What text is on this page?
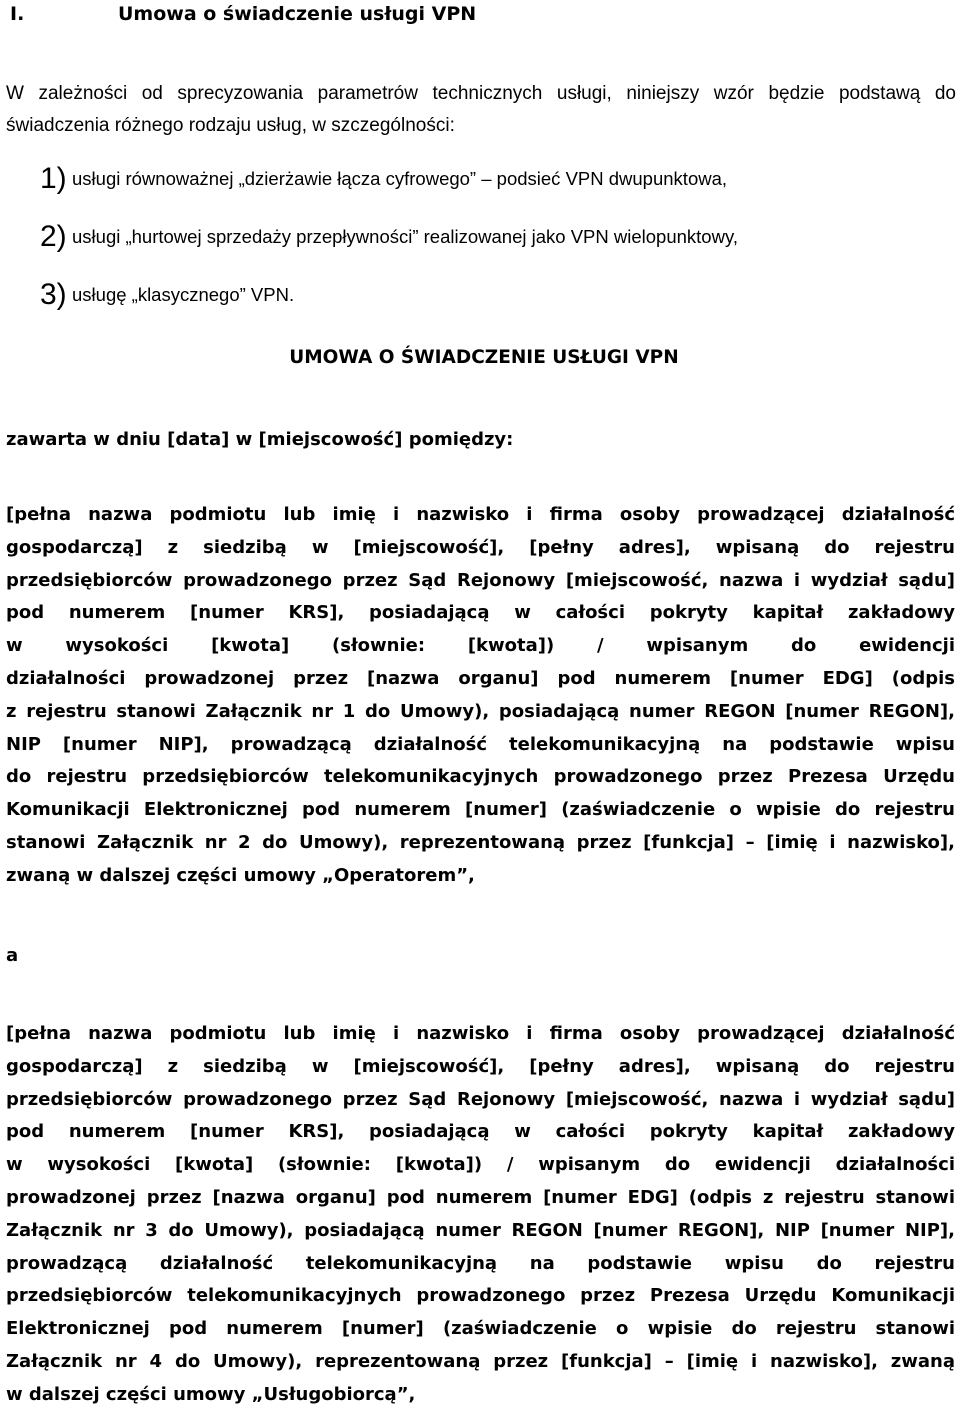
I.	Umowa o świadczenie usługi VPN
W zależności od sprecyzowania parametrów technicznych usługi, niniejszy wzór będzie podstawą do świadczenia różnego rodzaju usług, w szczególności:
1) usługi równoważnej „dzierżawie łącza cyfrowego” – podsieć VPN dwupunktowa,
2) usługi „hurtowej sprzedaży przepływności” realizowanej jako VPN wielopunktowy,
3) usługę „klasycznego” VPN.
UMOWA O ŚWIADCZENIE USŁUGI VPN
zawarta w dniu [data] w [miejscowość] pomiędzy:
[pełna nazwa podmiotu lub imię i nazwisko i firma osoby prowadzącej działalność
gospodarczą] z siedzibą w [miejscowość], [pełny adres], wpisaną do rejestru
przedsiębiorców prowadzonego przez Sąd Rejonowy [miejscowość, nazwa i wydział sądu]
pod numerem [numer KRS], posiadającą w całości pokryty kapitał zakładowy
w wysokości [kwota] (słownie: [kwota]) / wpisanym do ewidencji
działalności prowadzonej przez [nazwa organu] pod numerem [numer EDG] (odpis
z rejestru stanowi Załącznik nr 1 do Umowy), posiadającą numer REGON [numer REGON],
NIP [numer NIP], prowadzącą działalność telekomunikacyjną na podstawie wpisu
do rejestru przedsiębiorców telekomunikacyjnych prowadzonego przez Prezesa Urzędu
Komunikacji Elektronicznej pod numerem [numer] (zaświadczenie o wpisie do rejestru
stanowi Załącznik nr 2 do Umowy), reprezentowaną przez [funkcja] – [imię i nazwisko],
zwaną w dalszej części umowy „Operatorem”,
a
[pełna nazwa podmiotu lub imię i nazwisko i firma osoby prowadzącej działalność
gospodarczą] z siedzibą w [miejscowość], [pełny adres], wpisaną do rejestru
przedsiębiorców prowadzonego przez Sąd Rejonowy [miejscowość, nazwa i wydział sądu]
pod numerem [numer KRS], posiadającą w całości pokryty kapitał zakładowy
w wysokości [kwota] (słownie: [kwota]) / wpisanym do ewidencji działalności
prowadzonej przez [nazwa organu] pod numerem [numer EDG] (odpis z rejestru stanowi
Załącznik nr 3 do Umowy), posiadającą numer REGON [numer REGON], NIP [numer NIP],
prowadzącą działalność telekomunikacyjną na podstawie wpisu do rejestru
przedsiębiorców telekomunikacyjnych prowadzonego przez Prezesa Urzędu Komunikacji
Elektronicznej pod numerem [numer] (zaświadczenie o wpisie do rejestru stanowi
Załącznik nr 4 do Umowy), reprezentowaną przez [funkcja] – [imię i nazwisko], zwaną
w dalszej części umowy „Usługobiorcą”,
